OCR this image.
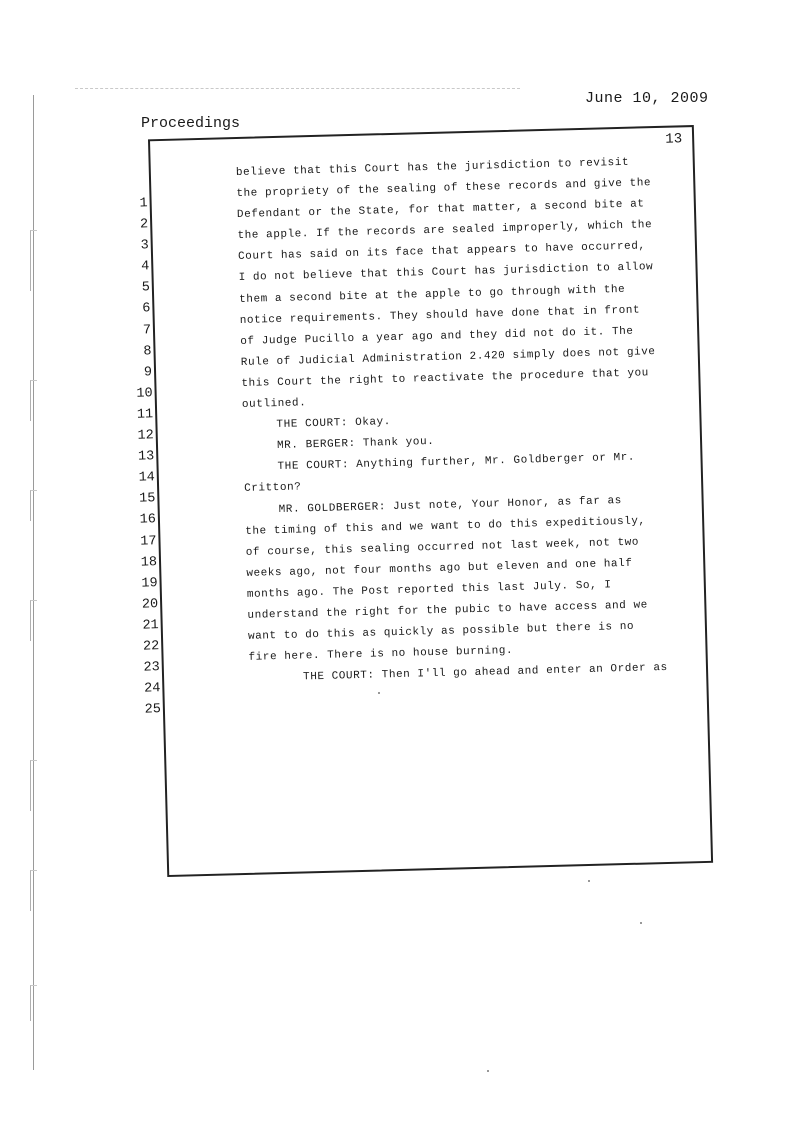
June 10, 2009
Proceedings
13
1
2
3
4
5
6
7
8
9
10
11
12
13
14
15
16
17
18
19
20
21
22
23
24
25
believe that this Court has the jurisdiction to revisit
the propriety of the sealing of these records and give the
Defendant or the State, for that matter, a second bite at
the apple. If the records are sealed improperly, which the
Court has said on its face that appears to have occurred,
I do not believe that this Court has jurisdiction to allow
them a second bite at the apple to go through with the
notice requirements. They should have done that in front
of Judge Pucillo a year ago and they did not do it. The
Rule of Judicial Administration 2.420 simply does not give
this Court the right to reactivate the procedure that you
outlined.
THE COURT: Okay.
MR. BERGER: Thank you.
THE COURT: Anything further, Mr. Goldberger or Mr.
Critton?
MR. GOLDBERGER: Just note, Your Honor, as far as
the timing of this and we want to do this expeditiously,
of course, this sealing occurred not last week, not two
weeks ago, not four months ago but eleven and one half
months ago. The Post reported this last July. So, I
understand the right for the pubic to have access and we
want to do this as quickly as possible but there is no
fire here. There is no house burning.
THE COURT: Then I'll go ahead and enter an Order as
